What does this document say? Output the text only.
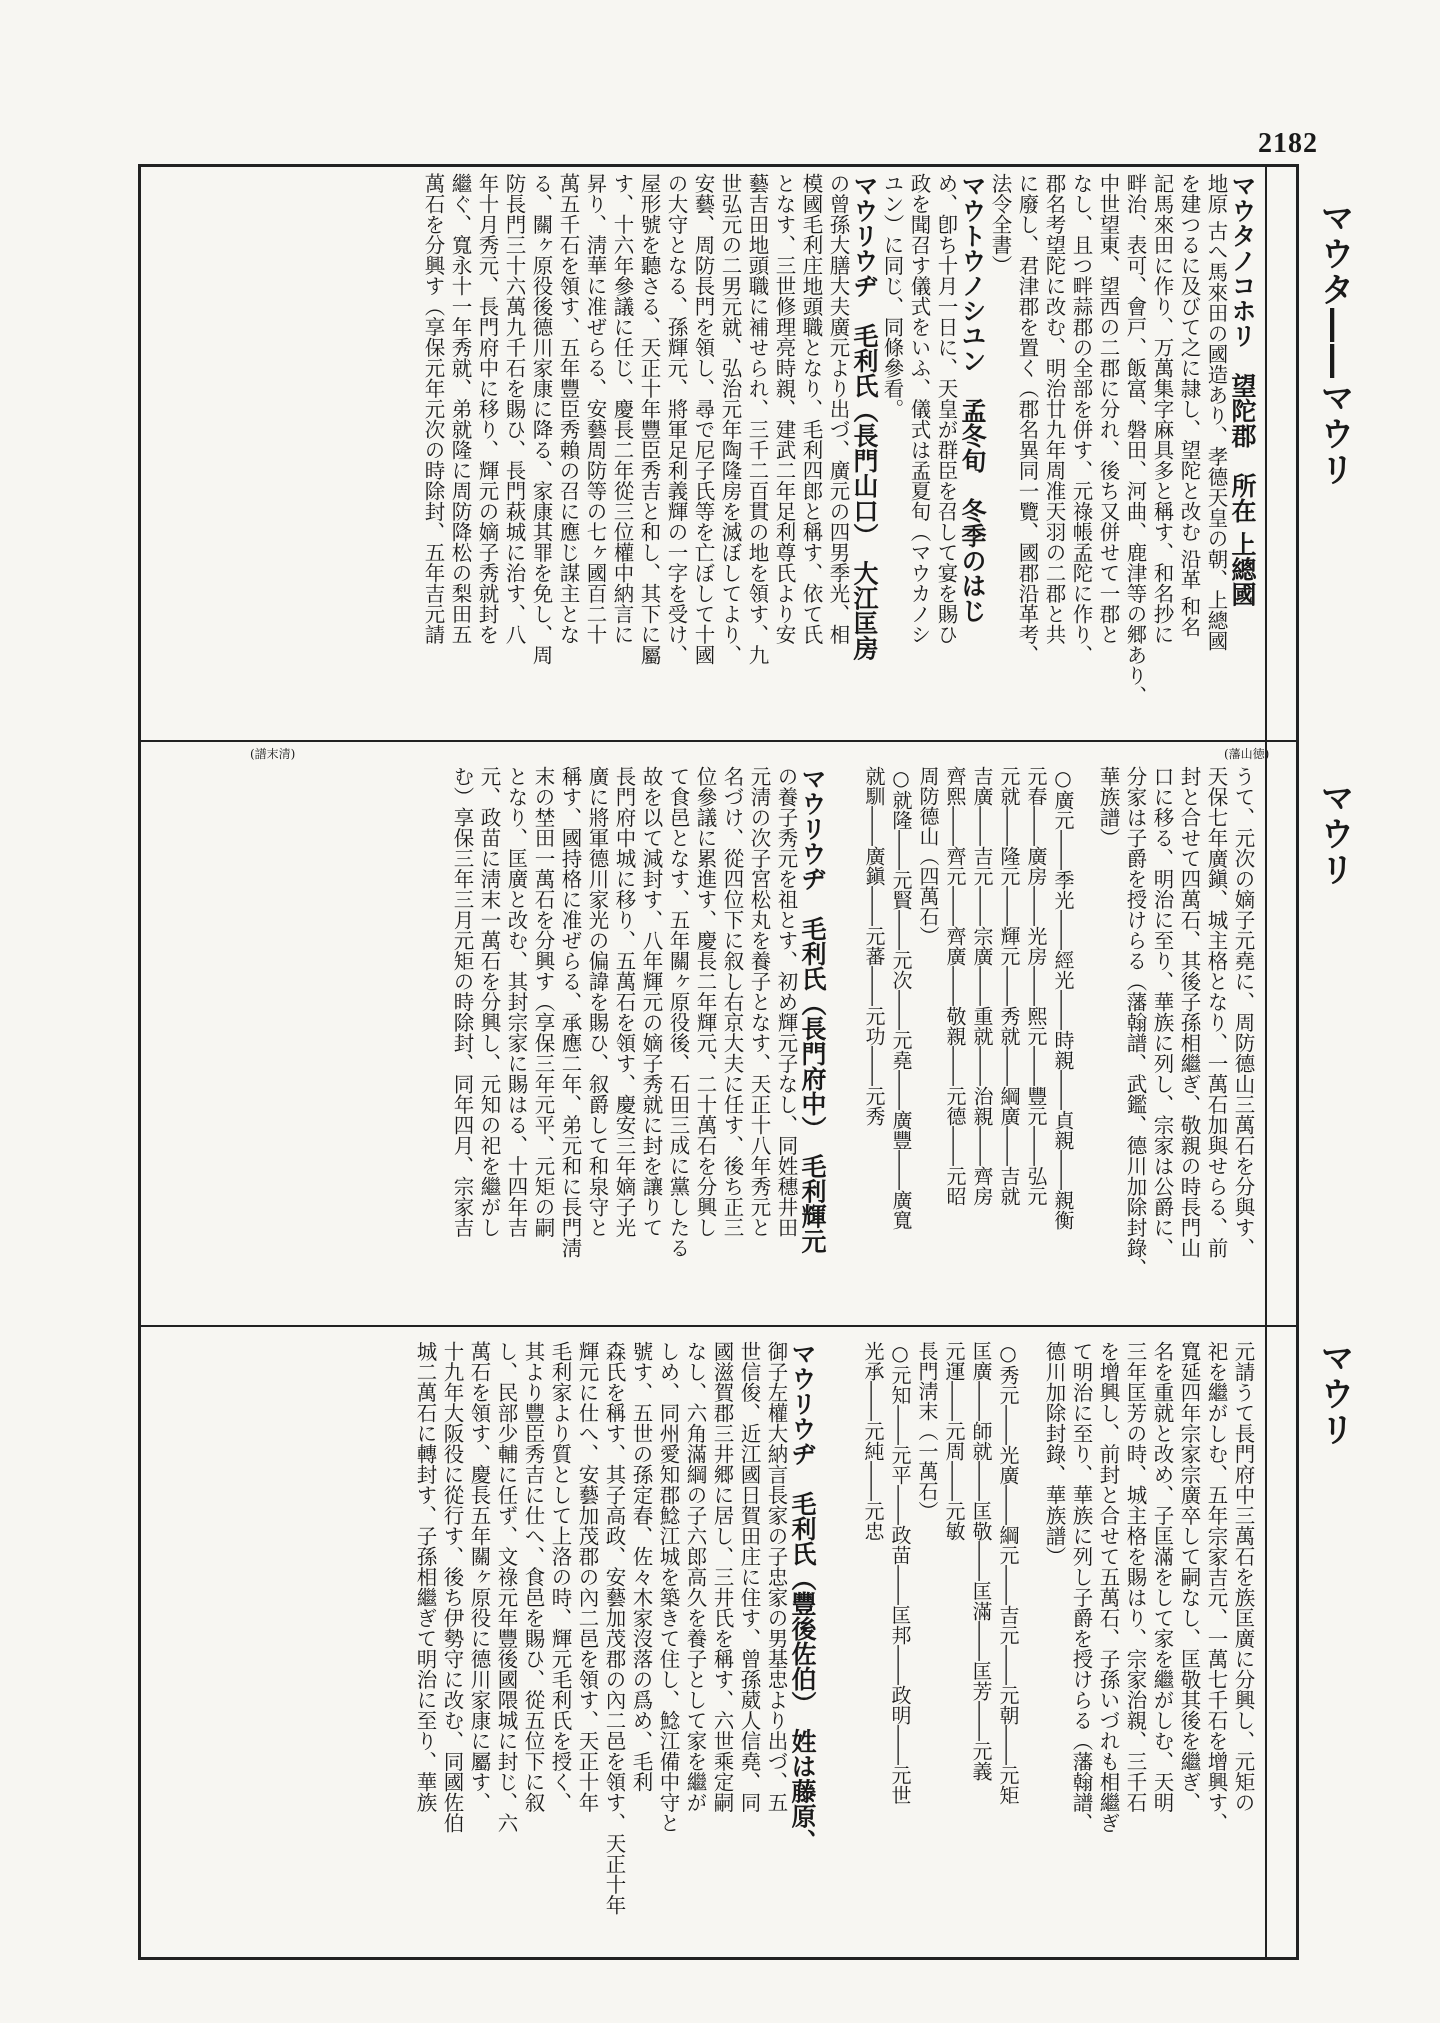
2182
マウタ――マウリ
マウリ
マウリ
(藩山徳)
(譜末清)
マウタノコホリ　望陀郡　所在 上總國
地原 古へ馬來田の國造あり、孝德天皇の朝、上總國
を建つるに及びて之に隷し、望陀と改む 沿革 和名
記馬來田に作り、万萬集字麻具多と稱す、和名抄に
畔治、表可、會戸、飯富、磐田、河曲、鹿津等の郷あり、
中世望東、望西の二郡に分れ、後ち又併せて一郡と
なし、且つ畔蒜郡の全部を併す、元祿帳孟陀に作り、
郡名考望陀に改む、明治廿九年周准天羽の二郡と共
に廢し、君津郡を置く（郡名異同一覽、國郡沿革考、
法令全書）
マウトウノシユン　孟冬旬　冬季のはじ
め、卽ち十月一日に、天皇が群臣を召して宴を賜ひ
政を聞召す儀式をいふ、儀式は孟夏旬（マウカノシ
ユン）に同じ、同條參看。
マウリウヂ　毛利氏（長門山口）　大江匡房
の曾孫大膳大夫廣元より出づ、廣元の四男季光、相
模國毛利庄地頭職となり、毛利四郎と稱す、依て氏
となす、三世修理亮時親、建武二年足利尊氏より安
藝吉田地頭職に補せられ、三千二百貫の地を領す、九
世弘元の二男元就、弘治元年陶隆房を滅ぼしてより、
安藝、周防長門を領し、尋で尼子氏等を亡ぼして十國
の大守となる、孫輝元、將軍足利義輝の一字を受け、
屋形號を聽さる、天正十年豐臣秀吉と和し、其下に屬
す、十六年參議に任じ、慶長二年從三位權中納言に
昇り、淸華に准ぜらる、安藝周防等の七ヶ國百二十
萬五千石を領す、五年豐臣秀賴の召に應じ謀主とな
る、關ヶ原役後德川家康に降る、家康其罪を免し、周
防長門三十六萬九千石を賜ひ、長門萩城に治す、八
年十月秀元、長門府中に移り、輝元の嫡子秀就封を
繼ぐ、寬永十一年秀就、弟就隆に周防降松の梨田五
萬石を分興す（享保元年元次の時除封、五年吉元請
うて、元次の嫡子元堯に、周防德山三萬石を分與す、
天保七年廣鎭、城主格となり、一萬石加與せらる、前
封と合せて四萬石、其後子孫相繼ぎ、敬親の時長門山
口に移る、明治に至り、華族に列し、宗家は公爵に、
分家は子爵を授けらる（藩翰譜、武鑑、德川加除封錄、
華族譜）
○廣元――季光――經光――時親――貞親――親衡
元春――廣房――光房――熙元――豐元――弘元
元就――隆元――輝元――秀就――綱廣――吉就
吉廣――吉元――宗廣――重就――治親――齊房
齊熙――齊元――齊廣――敬親――元德――元昭
周防德山（四萬石）
○就隆――元賢――元次――元堯――廣豐――廣寬
就馴――廣鎭――元蕃――元功――元秀
マウリウヂ　毛利氏（長門府中）　毛利輝元
の養子秀元を祖とす、初め輝元子なし、同姓穗井田
元淸の次子宮松丸を養子となす、天正十八年秀元と
名づけ、從四位下に叙し右京大夫に任す、後ち正三
位參議に累進す、慶長二年輝元、二十萬石を分興し
て食邑となす、五年關ヶ原役後、石田三成に黨したる
故を以て減封す、八年輝元の嫡子秀就に封を讓りて
長門府中城に移り、五萬石を領す、慶安三年嫡子光
廣に將軍德川家光の偏諱を賜ひ、叙爵して和泉守と
稱す、國持格に准ぜらる、承應二年、弟元和に長門淸
末の埜田一萬石を分興す（享保三年元平、元矩の嗣
となり、匡廣と改む、其封宗家に賜はる、十四年吉
元、政苗に淸末一萬石を分興し、元知の祀を繼がし
む）享保三年三月元矩の時除封、同年四月、宗家吉
元請うて長門府中三萬石を族匡廣に分興し、元矩の
祀を繼がしむ、五年宗家吉元、一萬七千石を增興す、
寬延四年宗家宗廣卒して嗣なし、匡敬其後を繼ぎ、
名を重就と改め、子匡滿をして家を繼がしむ、天明
三年匡芳の時、城主格を賜はり、宗家治親、三千石
を增興し、前封と合せて五萬石、子孫いづれも相繼ぎ
て明治に至り、華族に列し子爵を授けらる（藩翰譜、
德川加除封錄、華族譜）
○秀元――光廣――綱元――吉元――元朝――元矩
匡廣――師就――匡敬――匡滿――匡芳――元義
元運――元周――元敏
長門淸末（一萬石）
○元知――元平――政苗――匡邦――政明――元世
光承――元純――元忠
マウリウヂ　毛利氏（豐後佐伯）　姓は藤原、
御子左權大納言長家の子忠家の男基忠より出づ、五
世信俊、近江國日賀田庄に住す、曾孫葳人信堯、同
國滋賀郡三井郷に居し、三井氏を稱す、六世乘定嗣
なし、六角滿綱の子六郎高久を養子として家を繼が
しめ、同州愛知郡鯰江城を築きて住し、鯰江備中守と
號す、五世の孫定春、佐々木家沒落の爲め、毛利
森氏を稱す、其子高政、安藝加茂郡の內二邑を領す、天正十年
輝元に仕へ、安藝加茂郡の內二邑を領す、天正十年
毛利家より質として上洛の時、輝元毛利氏を授く、
其より豐臣秀吉に仕へ、食邑を賜ひ、從五位下に叙
し、民部少輔に任ず、文祿元年豐後國隈城に封じ、六
萬石を領す、慶長五年關ヶ原役に德川家康に屬す、
十九年大阪役に從行す、後ち伊勢守に改む、同國佐伯
城二萬石に轉封す、子孫相繼ぎて明治に至り、華族
